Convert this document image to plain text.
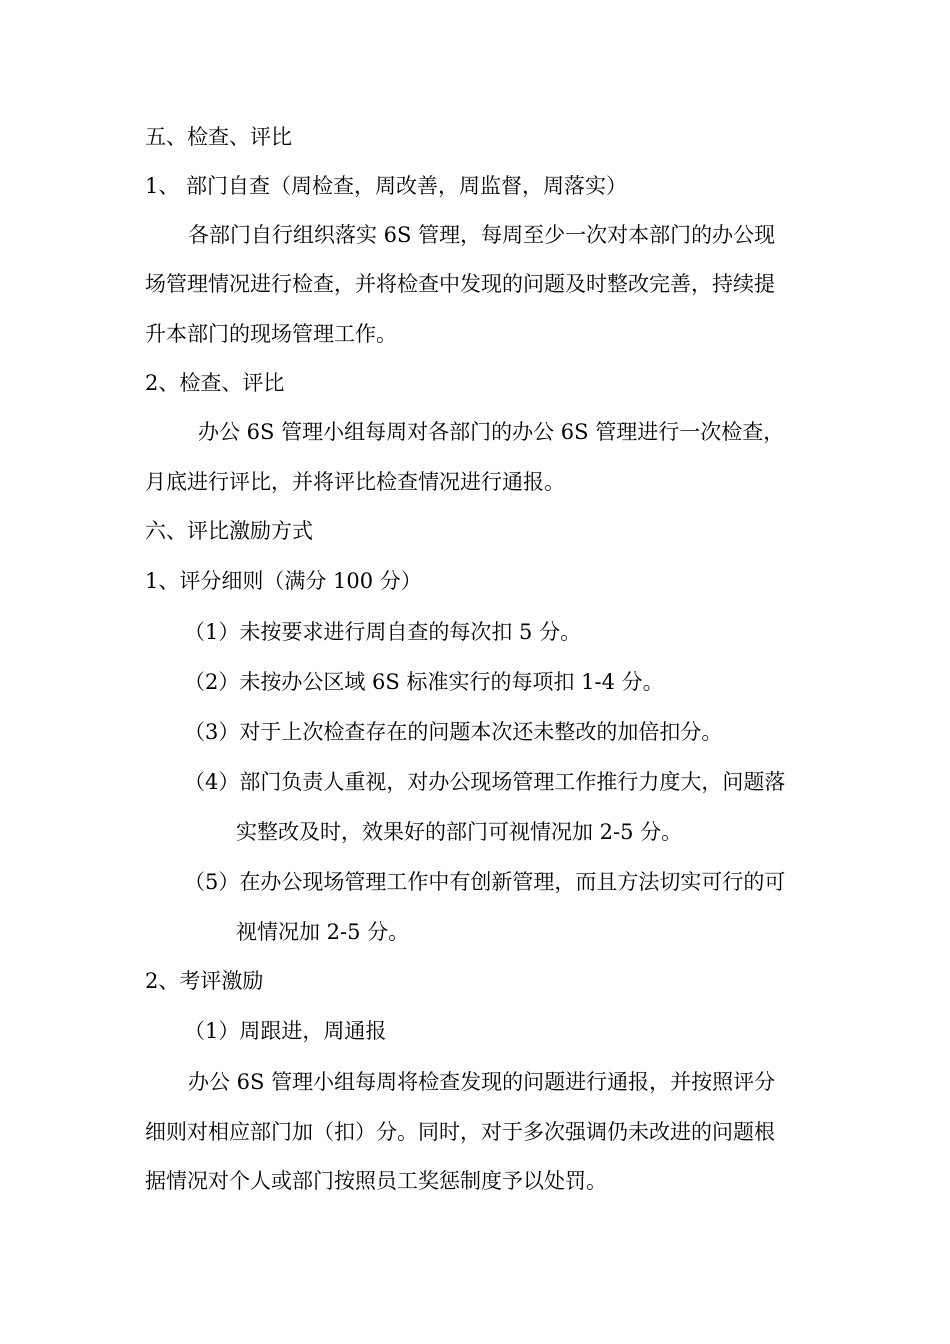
五、检查、评比
1、 部门自查（周检查，周改善，周监督，周落实）
各部门自行组织落实 6S 管理，每周至少一次对本部门的办公现
场管理情况进行检查，并将检查中发现的问题及时整改完善，持续提
升本部门的现场管理工作。
2、检查、评比
办公 6S 管理小组每周对各部门的办公 6S 管理进行一次检查，
月底进行评比，并将评比检查情况进行通报。
六、评比激励方式
1、评分细则（满分 100 分）
（1）未按要求进行周自查的每次扣 5 分。
（2）未按办公区域 6S 标准实行的每项扣 1-4 分。
（3）对于上次检查存在的问题本次还未整改的加倍扣分。
（4）部门负责人重视，对办公现场管理工作推行力度大，问题落
实整改及时，效果好的部门可视情况加 2-5 分。
（5）在办公现场管理工作中有创新管理，而且方法切实可行的可
视情况加 2-5 分。
2、考评激励
（1）周跟进，周通报
办公 6S 管理小组每周将检查发现的问题进行通报，并按照评分
细则对相应部门加（扣）分。同时，对于多次强调仍未改进的问题根
据情况对个人或部门按照员工奖惩制度予以处罚。
